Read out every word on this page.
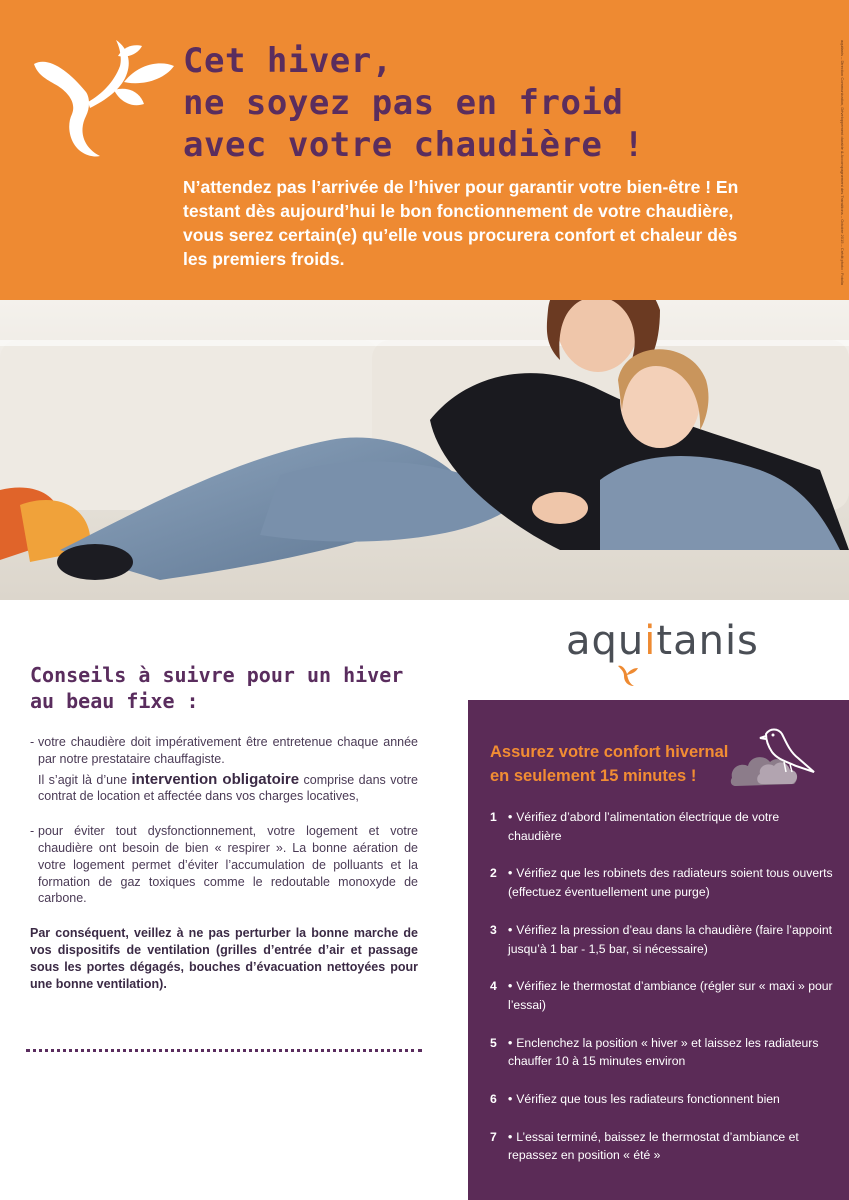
Cet hiver,
ne soyez pas en froid
avec votre chaudière !
N’attendez pas l’arrivée de l’hiver pour garantir votre bien-être ! En testant dès aujourd’hui le bon fonctionnement de votre chaudière, vous serez certain(e) qu’elle vous procurera confort et chaleur dès les premiers froids.	aquitanis – Direction Communication, Développement durable & Accompagnement des Transitions – Octobre 2015 – Crédit photo : Fotolia
aquitanis
Conseils à suivre pour un hiver
au beau fixe :
- votre chaudière doit impérativement être entretenue chaque année par notre prestataire chauffagiste.

Il s’agit là d’une intervention obligatoire comprise dans votre contrat de location et affectée dans vos charges locatives,

- pour éviter tout dysfonctionnement, votre logement et votre chaudière ont besoin de bien « respirer ». La bonne aération de votre logement permet d’éviter l’accumulation de polluants et la formation de gaz toxiques comme le redoutable monoxyde de carbone.

Par conséquent, veillez à ne pas perturber la bonne marche de vos dispositifs de ventilation (grilles d’entrée d’air et passage sous les portes dégagés, bouches d’évacuation nettoyées pour une bonne ventilation).

Assurez votre confort hivernal
en seulement 15 minutes !
1 • Vérifiez d’abord l’alimentation électrique de votre chaudière
2 • Vérifiez que les robinets des radiateurs soient tous ouverts (effectuez éventuellement une purge)
3 • Vérifiez la pression d’eau dans la chaudière (faire l’appoint jusqu’à 1 bar - 1,5 bar, si nécessaire)
4 • Vérifiez le thermostat d’ambiance (régler sur « maxi » pour l’essai)
5 • Enclenchez la position « hiver » et laissez les radiateurs chauffer 10 à 15 minutes environ
6 • Vérifiez que tous les radiateurs fonctionnent bien
7 • L’essai terminé, baissez le thermostat d’ambiance et repassez en position « été »
